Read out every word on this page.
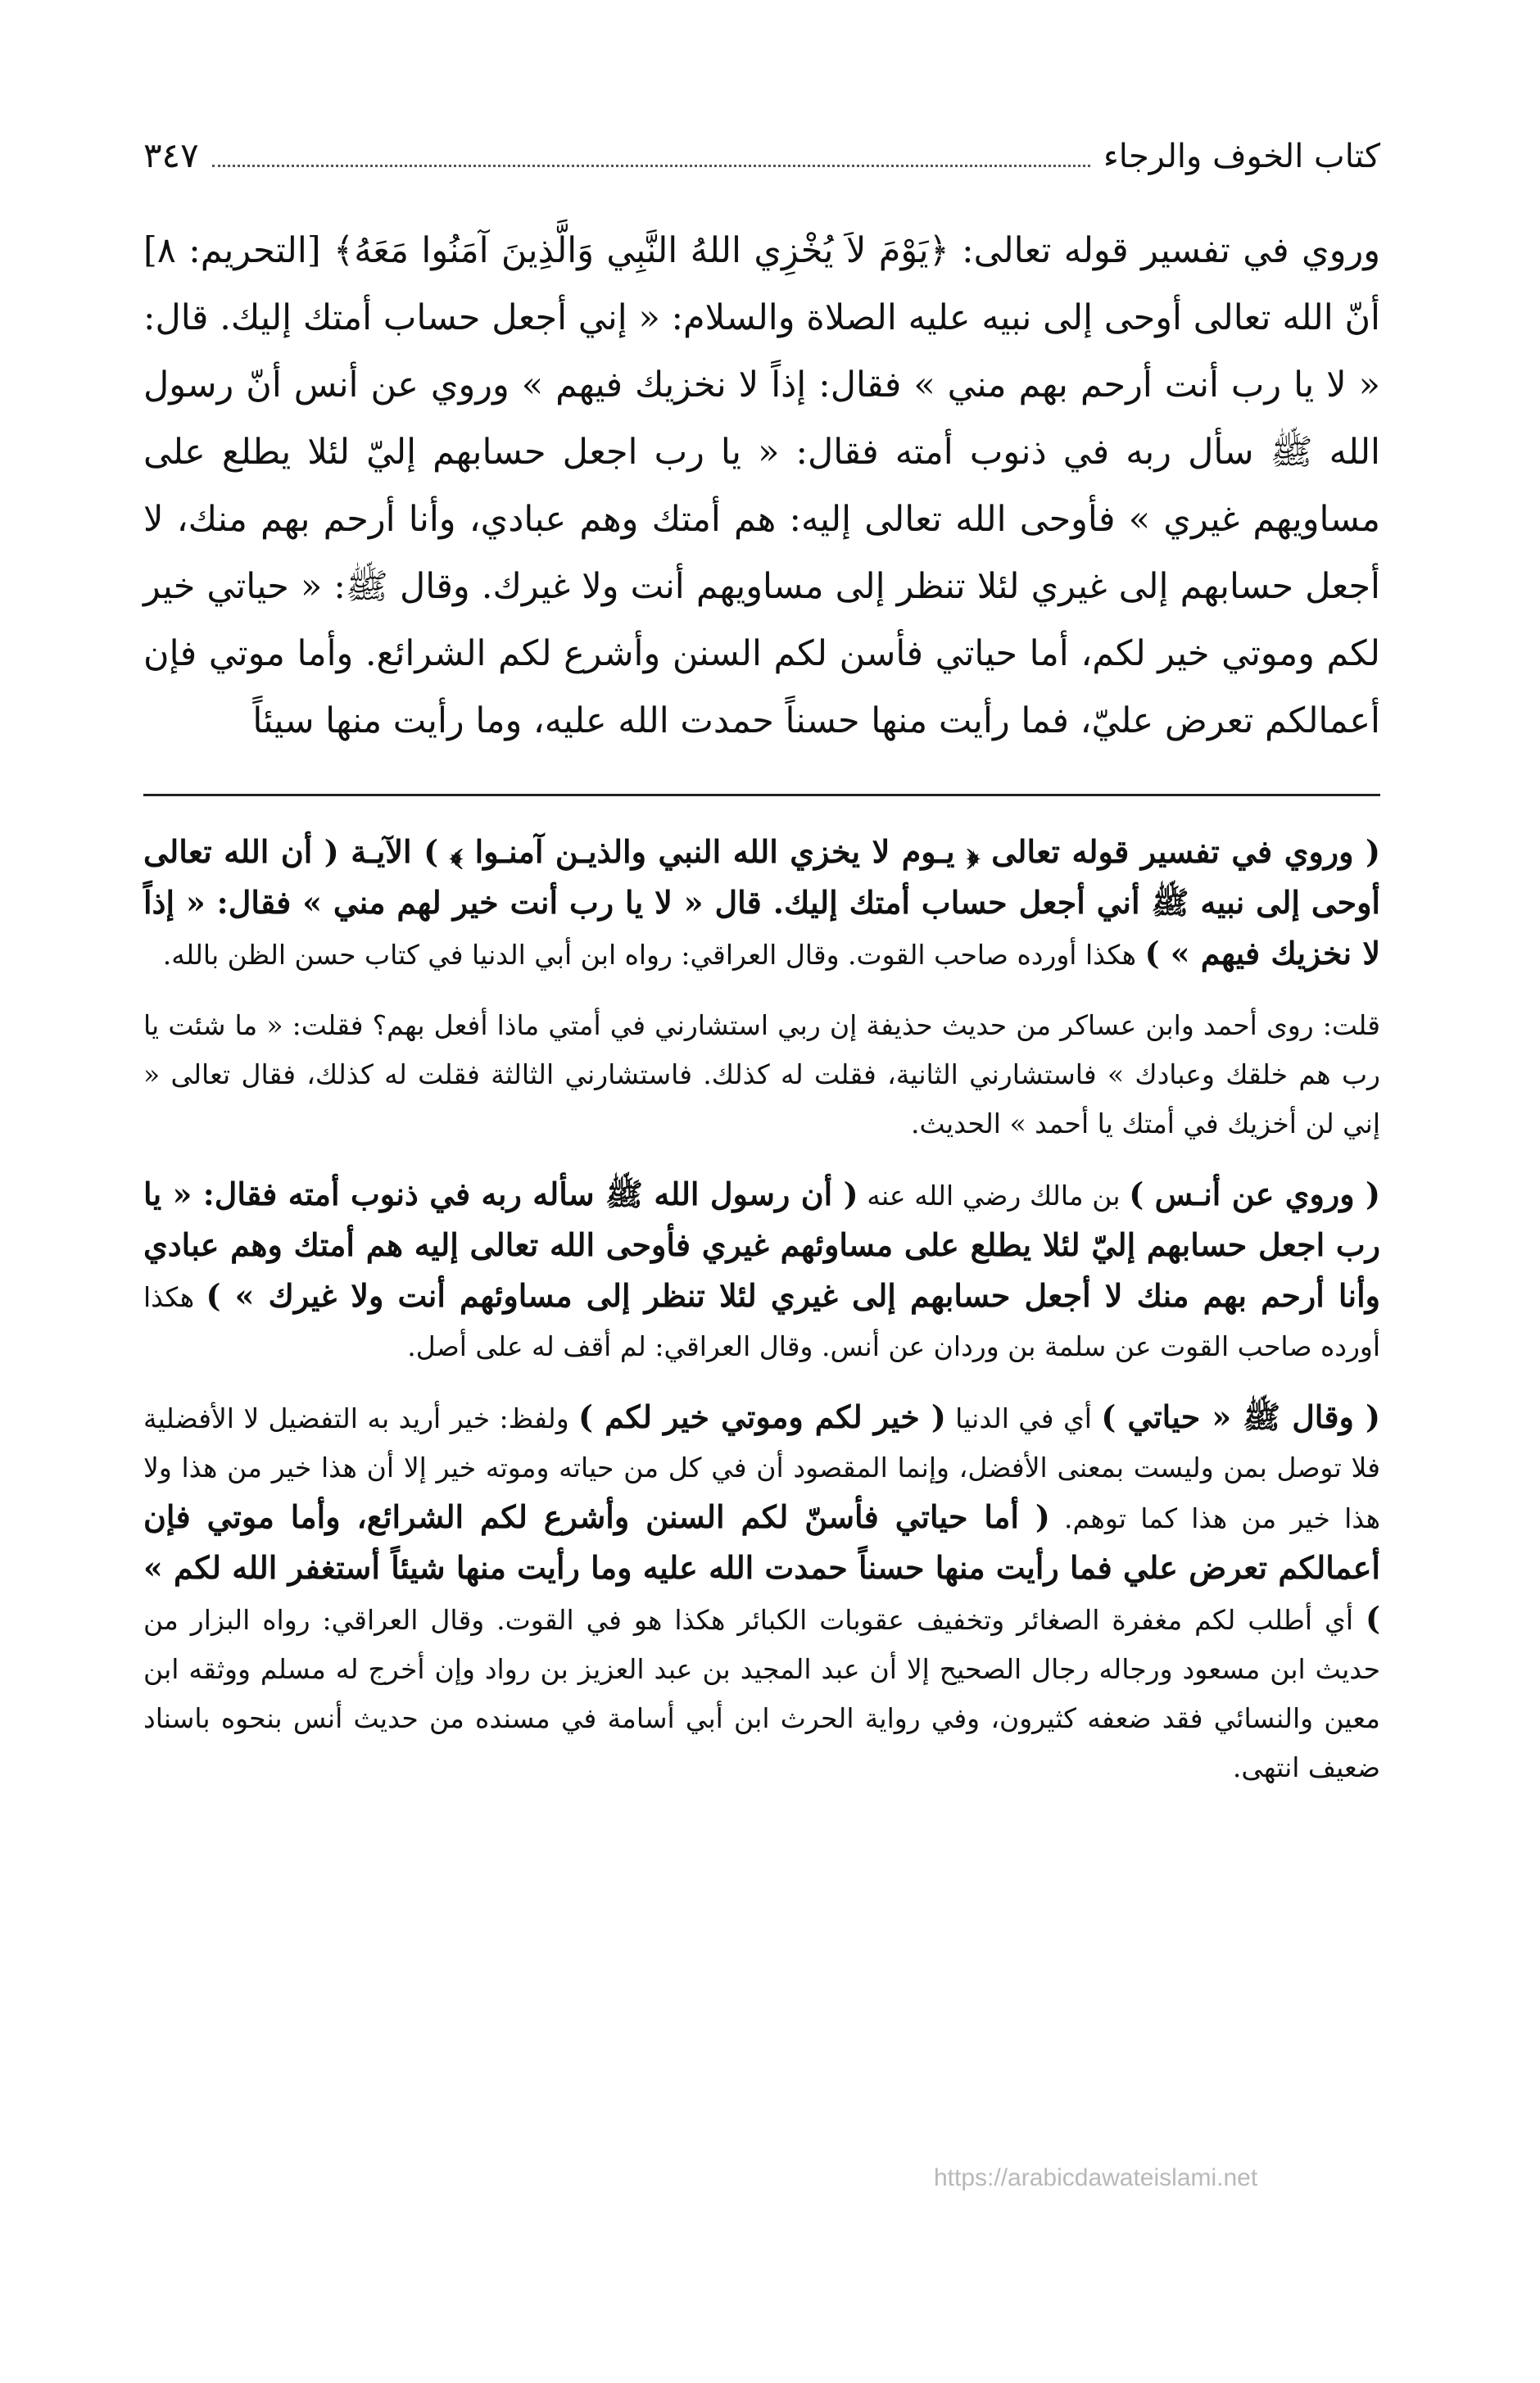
كتاب الخوف والرجاء
٣٤٧

وروي في تفسير قوله تعالى: ﴿يَوْمَ لاَ يُخْزِي اللهُ النَّبِي وَالَّذِينَ آمَنُوا مَعَهُ﴾ [التحريم: ٨] أنّ الله تعالى أوحى إلى نبيه عليه الصلاة والسلام: « إني أجعل حساب أمتك إليك. قال: « لا يا رب أنت أرحم بهم مني » فقال: إذاً لا نخزيك فيهم » وروي عن أنس أنّ رسول الله ﷺ سأل ربه في ذنوب أمته فقال: « يا رب اجعل حسابهم إليّ لئلا يطلع على مساويهم غيري » فأوحى الله تعالى إليه: هم أمتك وهم عبادي، وأنا أرحم بهم منك، لا أجعل حسابهم إلى غيري لئلا تنظر إلى مساويهم أنت ولا غيرك. وقال ﷺ: « حياتي خير لكم وموتي خير لكم، أما حياتي فأسن لكم السنن وأشرع لكم الشرائع. وأما موتي فإن أعمالكم تعرض عليّ، فما رأيت منها حسناً حمدت الله عليه، وما رأيت منها سيئاً

( وروي في تفسير قوله تعالى ﴿ يـوم لا يخزي الله النبي والذيـن آمنـوا ﴾ ) الآيـة ( أن الله تعالى أوحى إلى نبيه ﷺ أني أجعل حساب أمتك إليك. قال « لا يا رب أنت خير لهم مني » فقال: « إذاً لا نخزيك فيهم » ) هكذا أورده صاحب القوت. وقال العراقي: رواه ابن أبي الدنيا في كتاب حسن الظن بالله.

قلت: روى أحمد وابن عساكر من حديث حذيفة إن ربي استشارني في أمتي ماذا أفعل بهم؟ فقلت: « ما شئت يا رب هم خلقك وعبادك » فاستشارني الثانية، فقلت له كذلك. فاستشارني الثالثة فقلت له كذلك، فقال تعالى « إني لن أخزيك في أمتك يا أحمد » الحديث.

( وروي عن أنـس ) بن مالك رضي الله عنه ( أن رسول الله ﷺ سأله ربه في ذنوب أمته فقال: « يا رب اجعل حسابهم إليّ لئلا يطلع على مساوئهم غيري فأوحى الله تعالى إليه هم أمتك وهم عبادي وأنا أرحم بهم منك لا أجعل حسابهم إلى غيري لئلا تنظر إلى مساوئهم أنت ولا غيرك » ) هكذا أورده صاحب القوت عن سلمة بن وردان عن أنس. وقال العراقي: لم أقف له على أصل.

( وقال ﷺ « حياتي ) أي في الدنيا ( خير لكم وموتي خير لكم ) ولفظ: خير أريد به التفضيل لا الأفضلية فلا توصل بمن وليست بمعنى الأفضل، وإنما المقصود أن في كل من حياته وموته خير إلا أن هذا خير من هذا ولا هذا خير من هذا كما توهم. ( أما حياتي فأسنّ لكم السنن وأشرع لكم الشرائع، وأما موتي فإن أعمالكم تعرض علي فما رأيت منها حسناً حمدت الله عليه وما رأيت منها شيئاً أستغفر الله لكم » ) أي أطلب لكم مغفرة الصغائر وتخفيف عقوبات الكبائر هكذا هو في القوت. وقال العراقي: رواه البزار من حديث ابن مسعود ورجاله رجال الصحيح إلا أن عبد المجيد بن عبد العزيز بن رواد وإن أخرج له مسلم ووثقه ابن معين والنسائي فقد ضعفه كثيرون، وفي رواية الحرث ابن أبي أسامة في مسنده من حديث أنس بنحوه باسناد ضعيف انتهى.

https://arabicdawateislami.net
